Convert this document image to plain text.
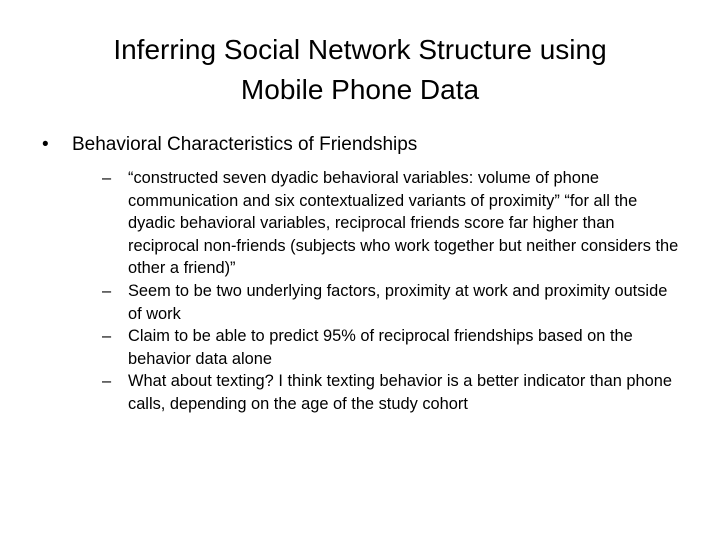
Inferring Social Network Structure using
Mobile Phone Data
• Behavioral Characteristics of Friendships
– “constructed seven dyadic behavioral variables: volume of phone communication and six contextualized variants of proximity” “for all the dyadic behavioral variables, reciprocal friends score far higher than reciprocal non-friends (subjects who work together but neither considers the other a friend)”
– Seem to be two underlying factors, proximity at work and proximity outside of work
– Claim to be able to predict 95% of reciprocal friendships based on the behavior data alone
– What about texting? I think texting behavior is a better indicator than phone calls, depending on the age of the study cohort
